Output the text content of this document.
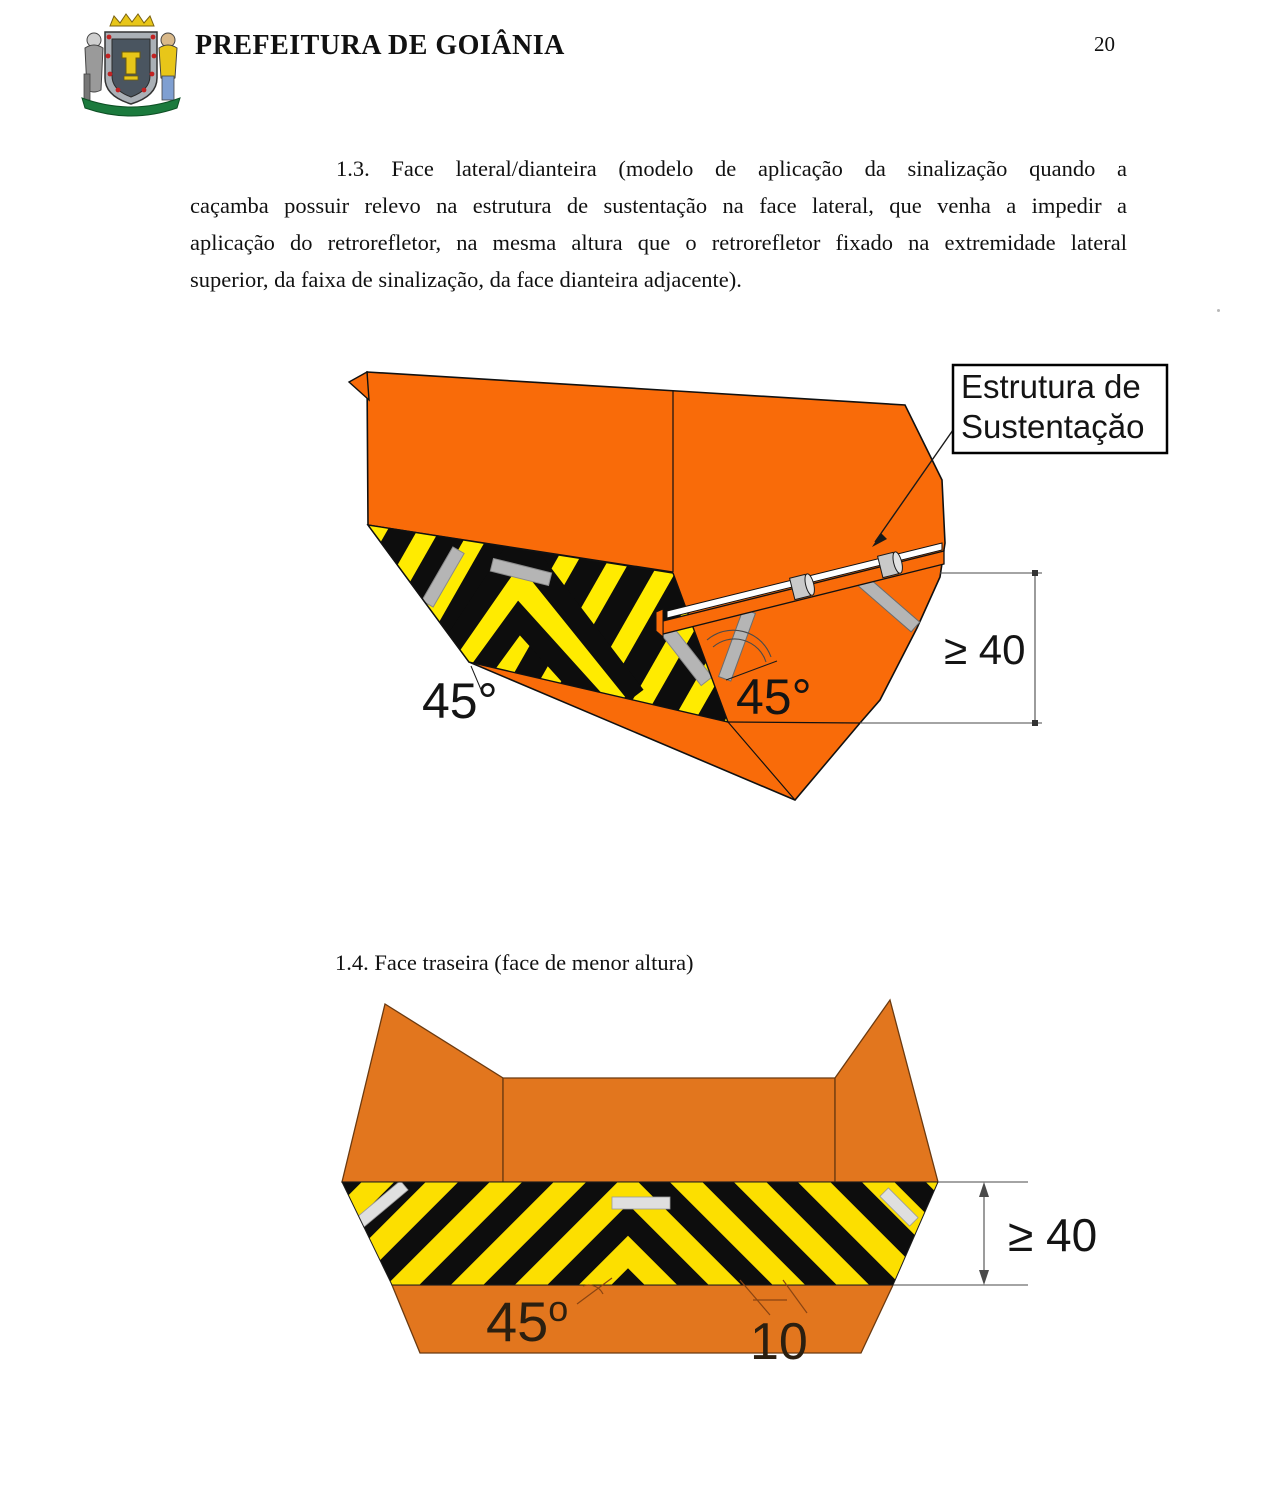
PREFEITURA DE GOIÂNIA	20
1.3. Face lateral/dianteira (modelo de aplicação da sinalização quando a
caçamba possuir relevo na estrutura de sustentação na face lateral, que venha a impedir a
aplicação do retrorefletor, na mesma altura que o retrorefletor fixado na extremidade lateral
superior, da faixa de sinalização, da face dianteira adjacente).
45°	45°
≥ 40
Estrutura de
Sustentaçăo
1.4. Face traseira (face de menor altura)
≥ 40
45$^o$
10
